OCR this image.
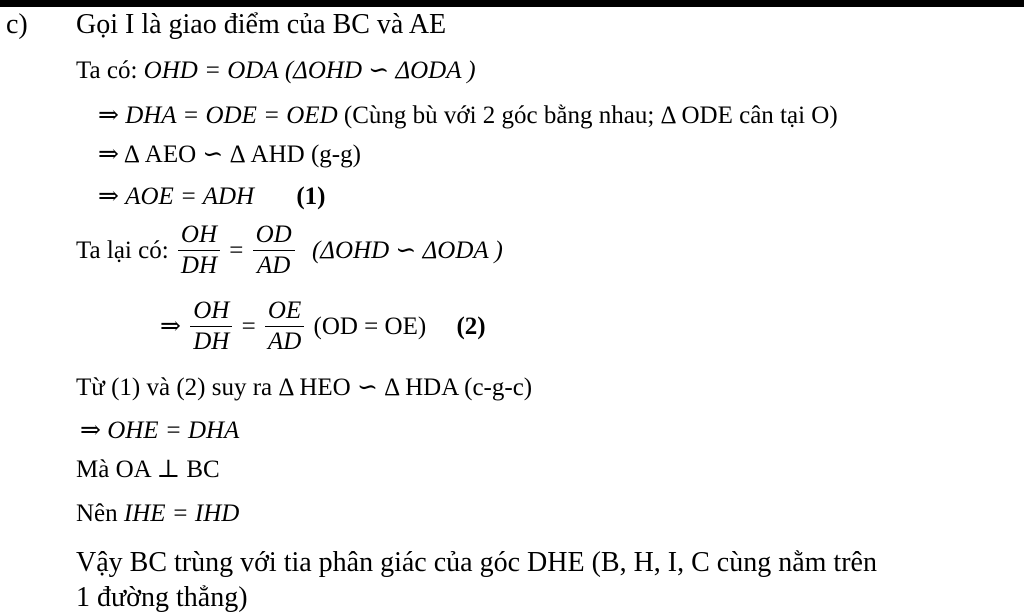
c) Gọi I là giao điểm của BC và AE
Ta có: OHD = ODA (ΔOHD ∽ ΔODA )
⇒ DHA = ODE = OED (Cùng bù với 2 góc bằng nhau; Δ ODE cân tại O)
⇒ Δ AEO ∽ Δ AHD (g-g)
⇒ AOE = ADH (1)
Ta lại có: $\frac{OH}{DH} = \frac{OD}{AD} (\Delta OHD$ ∽ ΔODA )
⇒ $\frac{OH}{DH} = \frac{OE}{AD} (OD = OE)$ (2)
Từ (1) và (2) suy ra Δ HEO ∽ Δ HDA (c-g-c)
⇒ OHE = DHA
Mà OA ⊥ BC
Nên IHE = IHD
Vậy BC trùng với tia phân giác của góc DHE (B, H, I, C cùng nằm trên
1 đường thẳng)
